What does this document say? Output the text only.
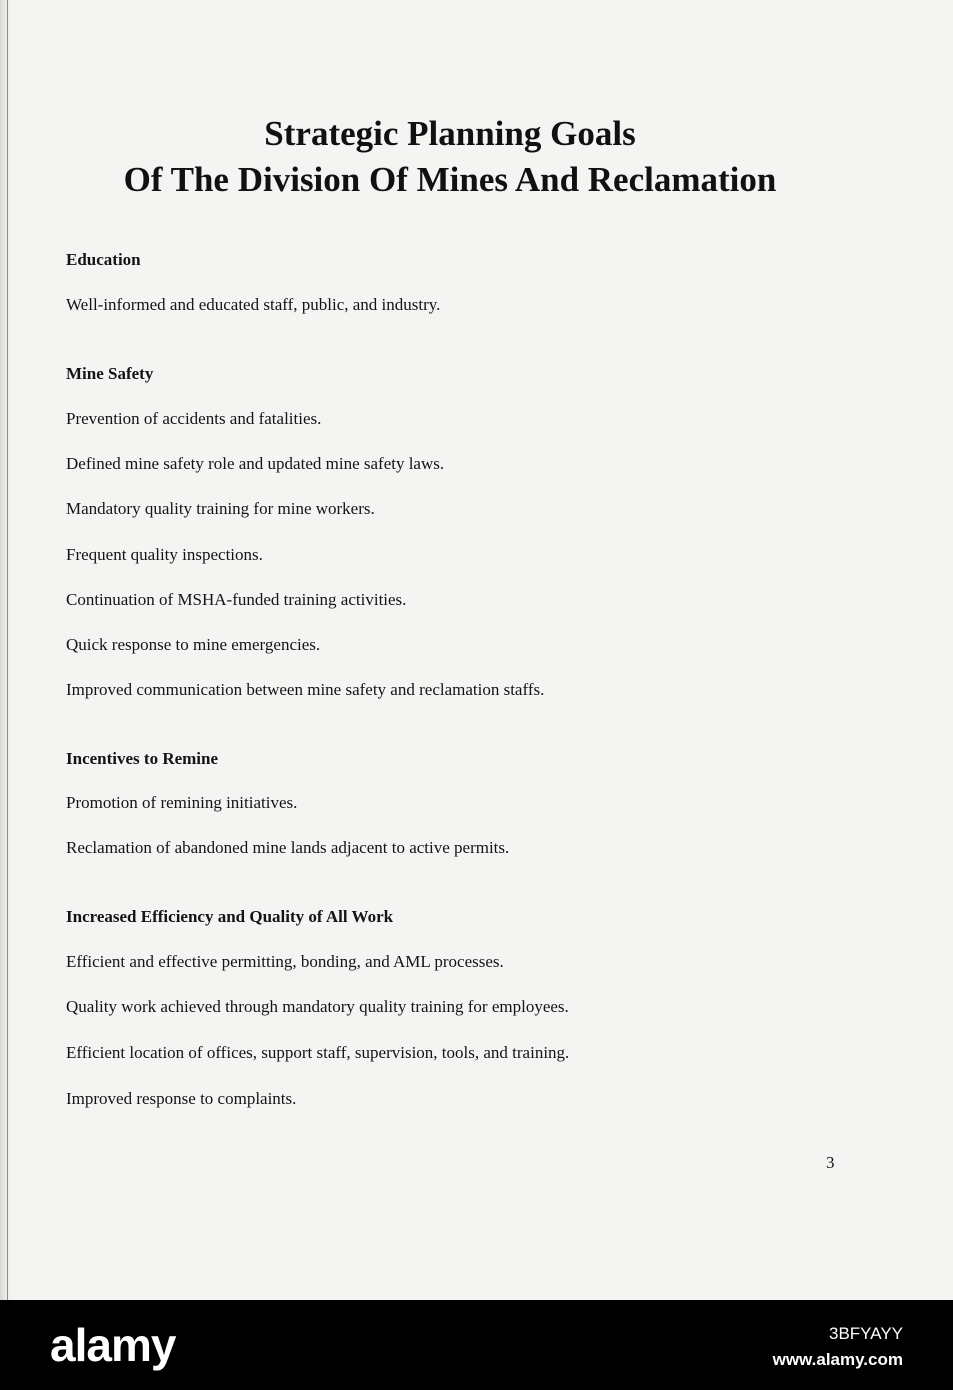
Strategic Planning Goals
Of The Division Of Mines And Reclamation
Education
Well-informed and educated staff, public, and industry.
Mine Safety
Prevention of accidents and fatalities.
Defined mine safety role and updated mine safety laws.
Mandatory quality training for mine workers.
Frequent quality inspections.
Continuation of MSHA-funded training activities.
Quick response to mine emergencies.
Improved communication between mine safety and reclamation staffs.
Incentives to Remine
Promotion of remining initiatives.
Reclamation of abandoned mine lands adjacent to active permits.
Increased Efficiency and Quality of All Work
Efficient and effective permitting, bonding, and AML processes.
Quality work achieved through mandatory quality training for employees.
Efficient location of offices, support staff, supervision, tools, and training.
Improved response to complaints.
3
alamy	3BFYAYY
www.alamy.com
